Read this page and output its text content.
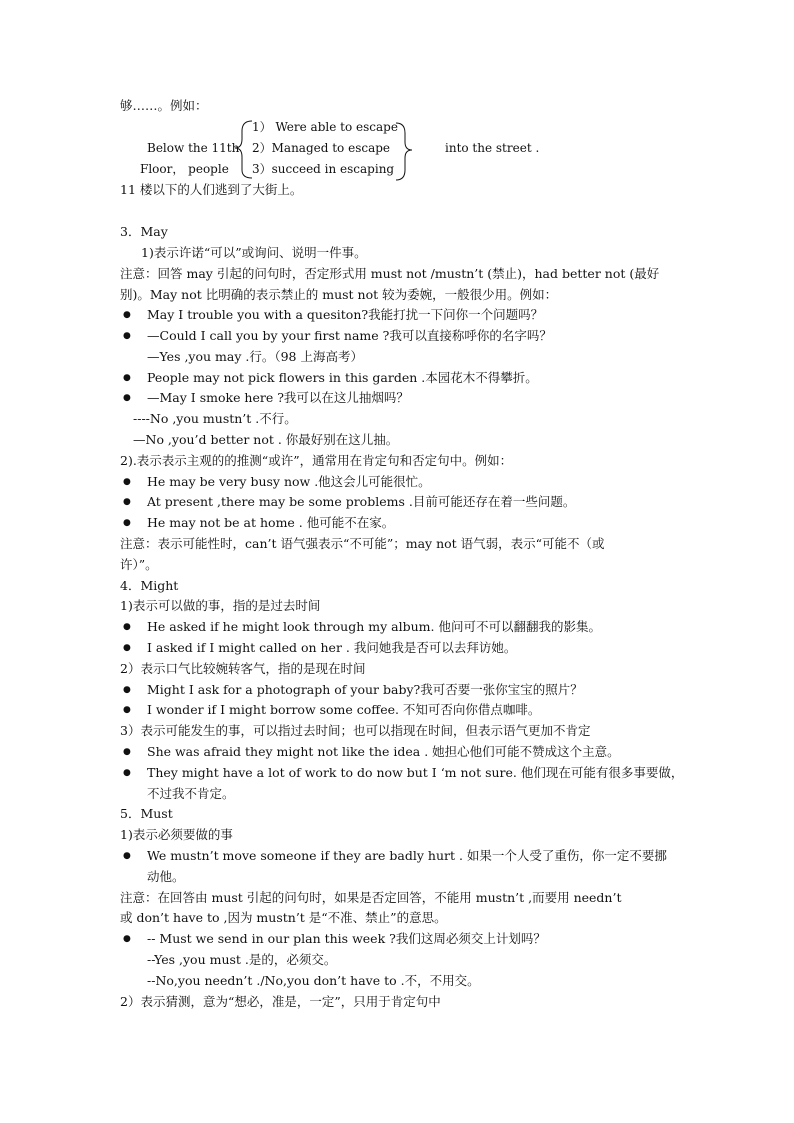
够……。例如：
Below the 11th
Floor， people
1） Were able to escape
2）Managed to escape
3）succeed in escaping
into the street .
11 楼以下的人们逃到了大街上。
3．May
1)表示许诺“可以”或询问、说明一件事。
注意：回答 may 引起的问句时，否定形式用 must not /mustn’t (禁止)，had better not (最好
别)。May not 比明确的表示禁止的 must not 较为委婉，一般很少用。例如：
● May I trouble you with a quesiton?我能打扰一下问你一个问题吗？
● —Could I call you by your first name ?我可以直接称呼你的名字吗？
—Yes ,you may .行。（98 上海高考）
● People may not pick flowers in this garden .本园花木不得攀折。
● —May I smoke here ?我可以在这儿抽烟吗？
----No ,you mustn’t .不行。
—No ,you’d better not . 你最好别在这儿抽。
2).表示表示主观的的推测“或许”，通常用在肯定句和否定句中。例如：
● He may be very busy now .他这会儿可能很忙。
● At present ,there may be some problems .目前可能还存在着一些问题。
● He may not be at home . 他可能不在家。
注意：表示可能性时，can’t 语气强表示“不可能”；may not 语气弱，表示“可能不（或
许）”。
4．Might
1)表示可以做的事，指的是过去时间
● He asked if he might look through my album. 他问可不可以翻翻我的影集。
● I asked if I might called on her . 我问她我是否可以去拜访她。
2）表示口气比较婉转客气，指的是现在时间
● Might I ask for a photograph of your baby?我可否要一张你宝宝的照片？
● I wonder if I might borrow some coffee. 不知可否向你借点咖啡。
3）表示可能发生的事，可以指过去时间；也可以指现在时间，但表示语气更加不肯定
● She was afraid they might not like the idea . 她担心他们可能不赞成这个主意。
● They might have a lot of work to do now but I ‘m not sure. 他们现在可能有很多事要做，
不过我不肯定。
5．Must
1)表示必须要做的事
● We mustn’t move someone if they are badly hurt . 如果一个人受了重伤，你一定不要挪
动他。
注意：在回答由 must 引起的问句时，如果是否定回答，不能用 mustn’t ,而要用 needn’t
或 don’t have to ,因为 mustn’t 是“不准、禁止”的意思。
● -- Must we send in our plan this week ?我们这周必须交上计划吗？
--Yes ,you must .是的，必须交。
--No,you needn’t ./No,you don’t have to .不，不用交。
2）表示猜测，意为“想必，准是，一定”，只用于肯定句中
